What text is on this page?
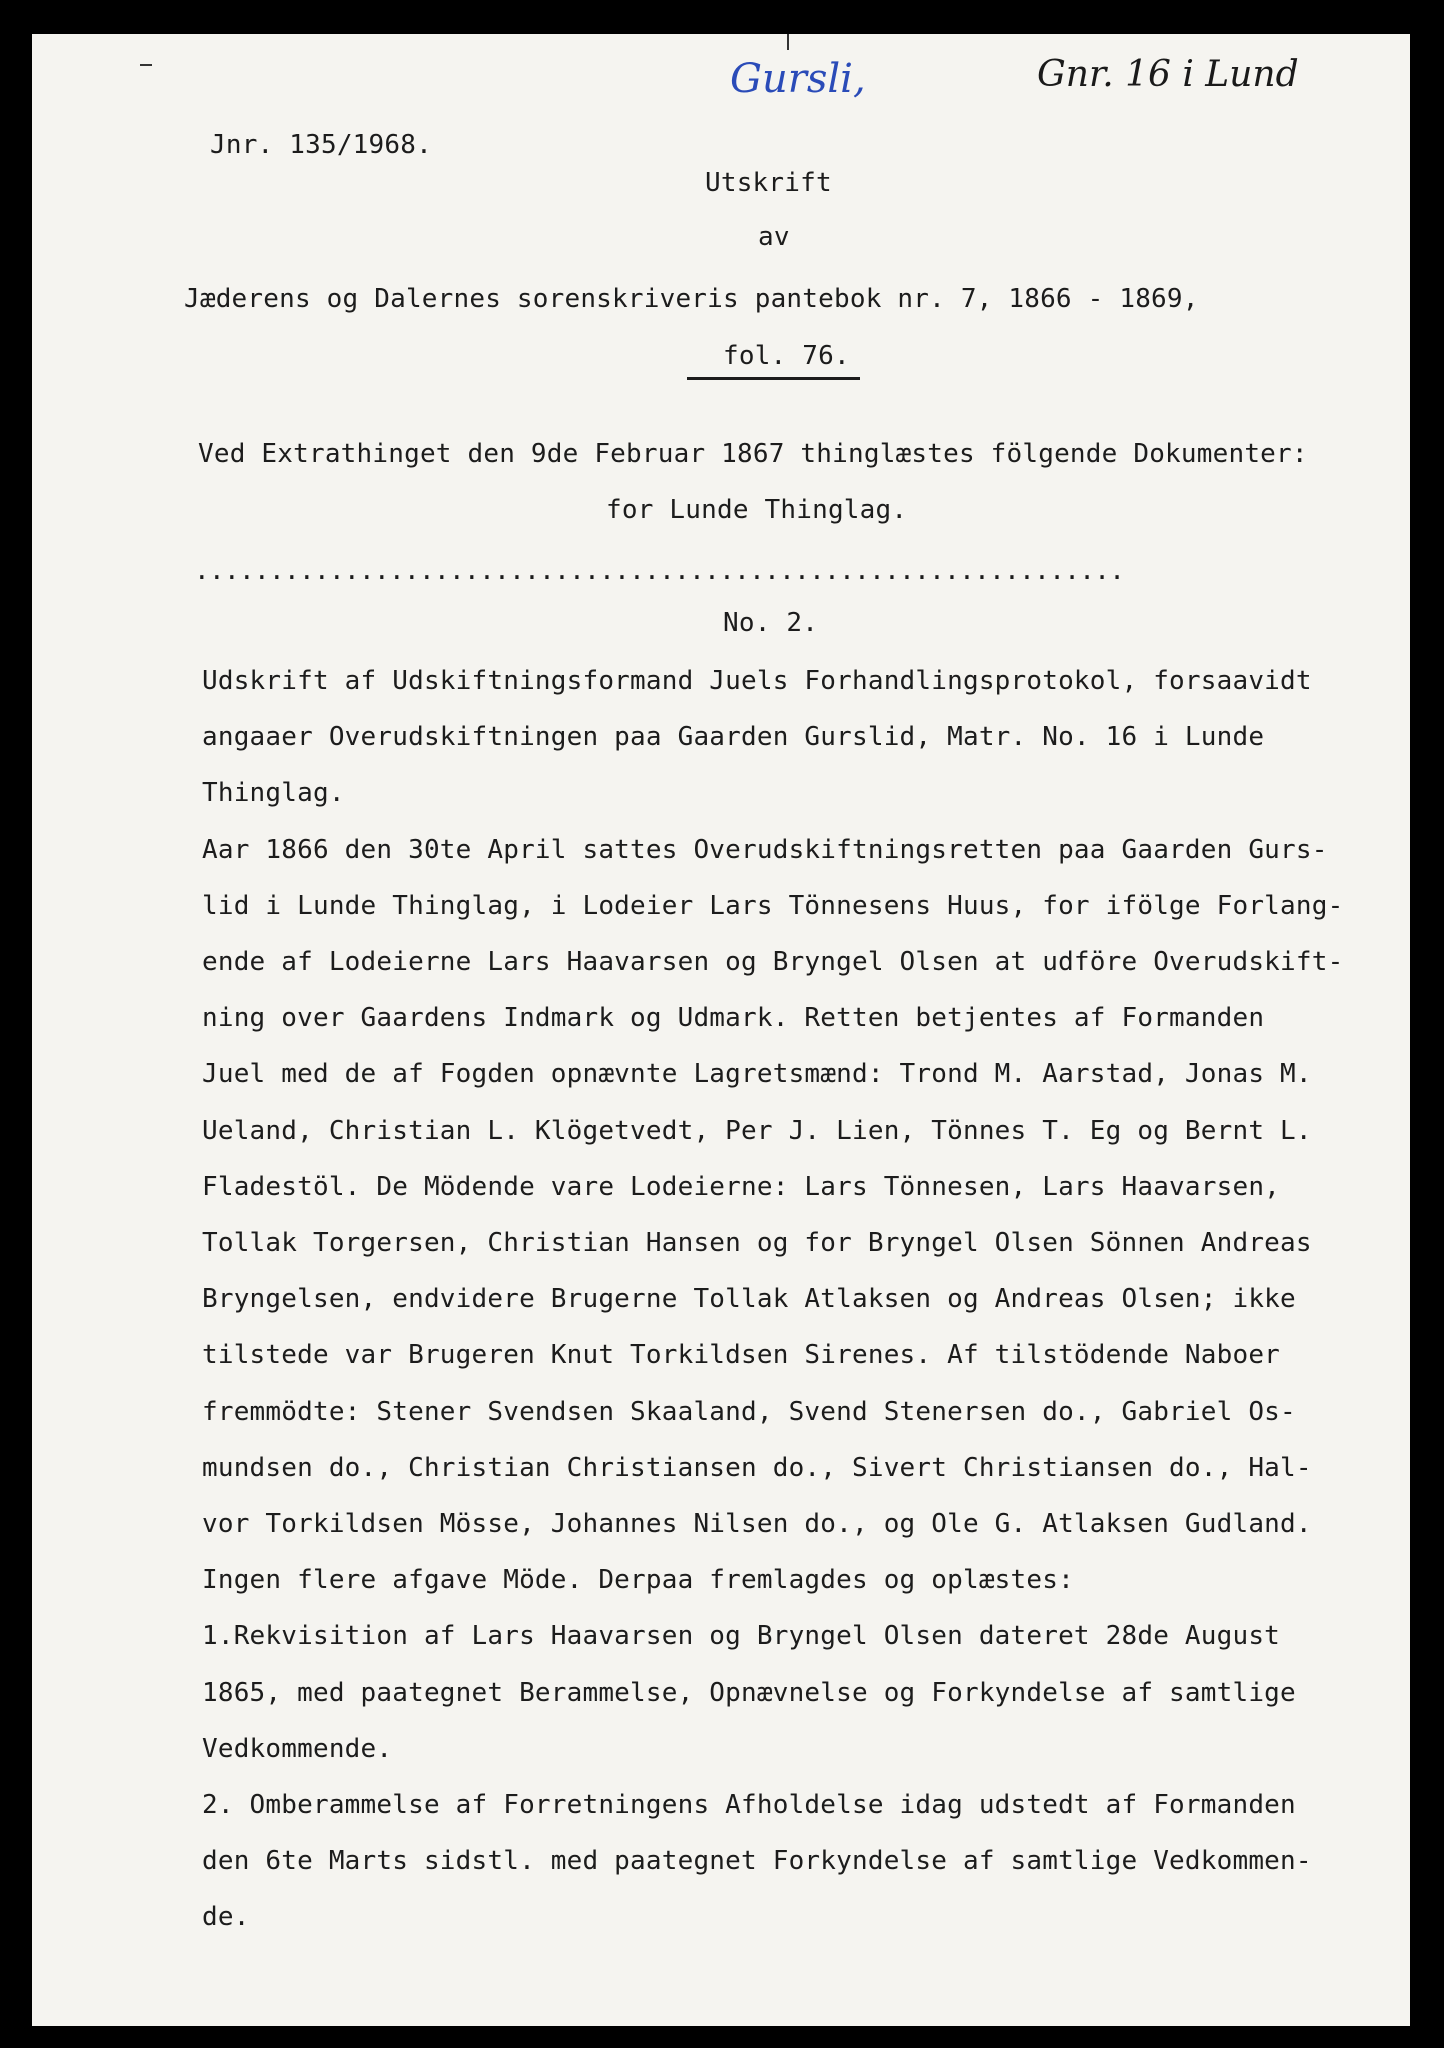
Gursli,	Gnr. 16 i Lund
Jnr. 135/1968.
Utskrift
av
Jæderens og Dalernes sorenskriveris pantebok nr. 7, 1866 - 1869,
fol. 76.
Ved Extrathinget den 9de Februar 1867 thinglæstes fölgende Dokumenter:
for Lunde Thinglag.
..............................................................
No. 2.
Udskrift af Udskiftningsformand Juels Forhandlingsprotokol, forsaavidt
angaaer Overudskiftningen paa Gaarden Gurslid, Matr. No. 16 i Lunde
Thinglag.
Aar 1866 den 30te April sattes Overudskiftningsretten paa Gaarden Gurs-
lid i Lunde Thinglag, i Lodeier Lars Tönnesens Huus, for ifölge Forlang-
ende af Lodeierne Lars Haavarsen og Bryngel Olsen at udföre Overudskift-
ning over Gaardens Indmark og Udmark. Retten betjentes af Formanden
Juel med de af Fogden opnævnte Lagretsmænd: Trond M. Aarstad, Jonas M.
Ueland, Christian L. Klögetvedt, Per J. Lien, Tönnes T. Eg og Bernt L.
Fladestöl. De Mödende vare Lodeierne: Lars Tönnesen, Lars Haavarsen,
Tollak Torgersen, Christian Hansen og for Bryngel Olsen Sönnen Andreas
Bryngelsen, endvidere Brugerne Tollak Atlaksen og Andreas Olsen; ikke
tilstede var Brugeren Knut Torkildsen Sirenes. Af tilstödende Naboer
fremmödte: Stener Svendsen Skaaland, Svend Stenersen do., Gabriel Os-
mundsen do., Christian Christiansen do., Sivert Christiansen do., Hal-
vor Torkildsen Mösse, Johannes Nilsen do., og Ole G. Atlaksen Gudland.
Ingen flere afgave Möde. Derpaa fremlagdes og oplæstes:
1.Rekvisition af Lars Haavarsen og Bryngel Olsen dateret 28de August
1865, med paategnet Berammelse, Opnævnelse og Forkyndelse af samtlige
Vedkommende.
2. Omberammelse af Forretningens Afholdelse idag udstedt af Formanden
den 6te Marts sidstl. med paategnet Forkyndelse af samtlige Vedkommen-
de.
